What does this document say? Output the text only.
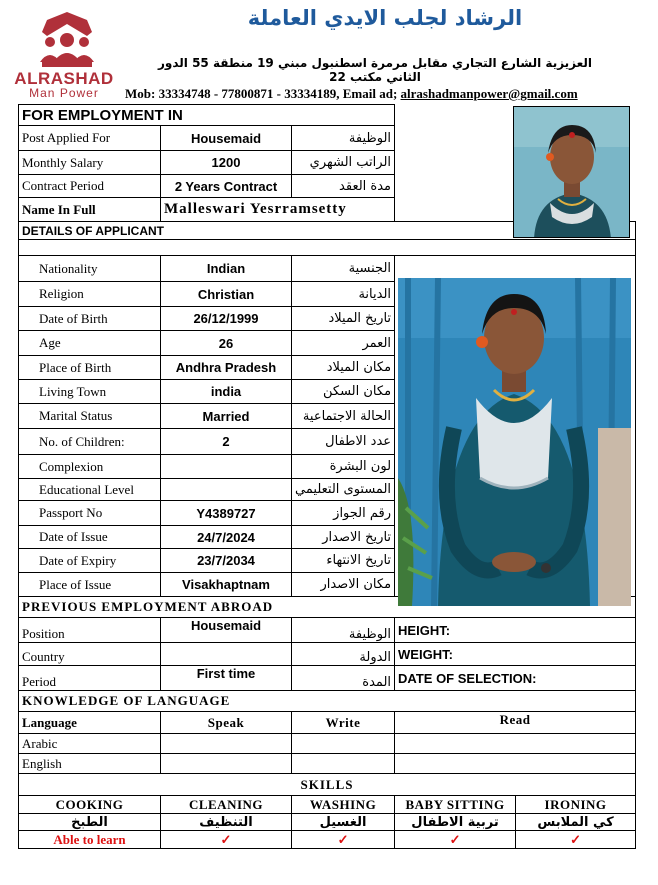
ALRASHAD
Man Power
الرشاد لجلب الايدي العاملة
العزيزية الشارع التجاري مقابل مرمرة اسطنبول مبني 19 منطقة 55 الدور الثاني مكتب 22
Mob: 33334748 - 77800871 - 33334189, Email ad; alrashadmanpower@gmail.com
FOR EMPLOYMENT IN				
Post Applied For	Housemaid	الوظيفة		
Monthly Salary	1200	الراتب الشهري		
Contract Period	2 Years Contract	مدة العقد		
Name In Full	Malleswari Yesrramsetty			
DETAILS OF APPLICANT				

Nationality	Indian	الجنسية		
Religion	Christian	الديانة		
Date of Birth	26/12/1999	تاريخ الميلاد		
Age	26	العمر		
Place of Birth	Andhra Pradesh	مكان الميلاد		
Living Town	india	مكان السكن		
Marital Status	Married	الحالة الاجتماعية		
No. of Children:	2	عدد الاطفال		
Complexion		لون البشرة		
Educational Level		المستوى التعليمي		
Passport No	Y4389727	رقم الجواز		
Date of Issue	24/7/2024	تاريخ الاصدار		
Date of Expiry	23/7/2034	تاريخ الانتهاء		
Place of Issue	Visakhaptnam	مكان الاصدار		
PREVIOUS EMPLOYMENT ABROAD				
Position	Housemaid	الوظيفة	HEIGHT:	
Country		الدولة	WEIGHT:	
Period	First time	المدة	DATE OF SELECTION:	
KNOWLEDGE OF LANGUAGE				
Language	Speak	Write	Read	
Arabic				
English				
SKILLS				
COOKING	CLEANING	WASHING	BABY SITTING	IRONING
الطبخ	التنظيف	الغسيل	تربية الاطفال	كي الملابس
Able to learn	✓	✓	✓	✓
